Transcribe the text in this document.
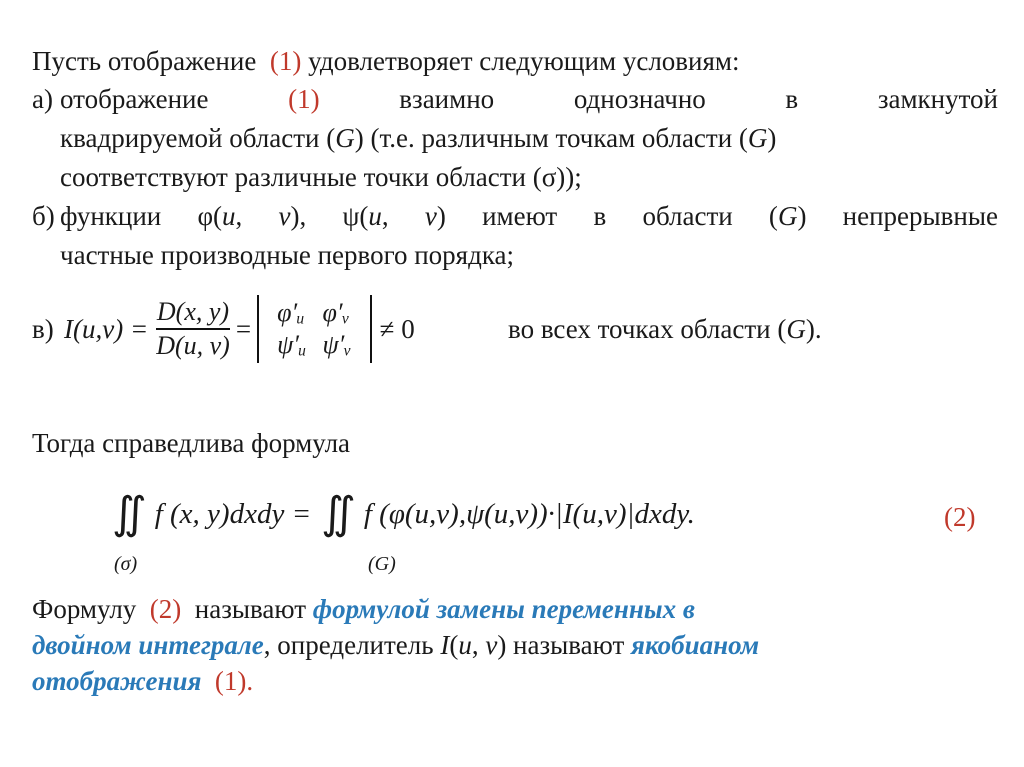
Пусть отображение (1) удовлетворяет следующим условиям:
а) отображение	(1)	взаимно однозначно в замкнутой
квадрируемой области (G) (т.е. различным точкам области (G)
соответствуют различные точки области (σ));
б) функции φ(u, v), ψ(u, v) имеют в области (G) непрерывные
частные производные первого порядка;
в) $I(u,v) = \frac{D(x, y)}{D(u, v)}$ =
φ′ᵤ	φ′ᵥ
ψ′ᵤ	ψ′ᵥ
≠ 0	во всех точках области (G).
Тогда справедлива формула
∬ f (x, y)dxdy = ∬ f (φ(u,v),ψ(u,v))·|I(u,v)|dxdy.
(σ)	(G)
(2)
Формулу (2) называют формулой замены переменных в
двойном интеграле, определитель I(u, v) называют якобианом
отображения (1).
